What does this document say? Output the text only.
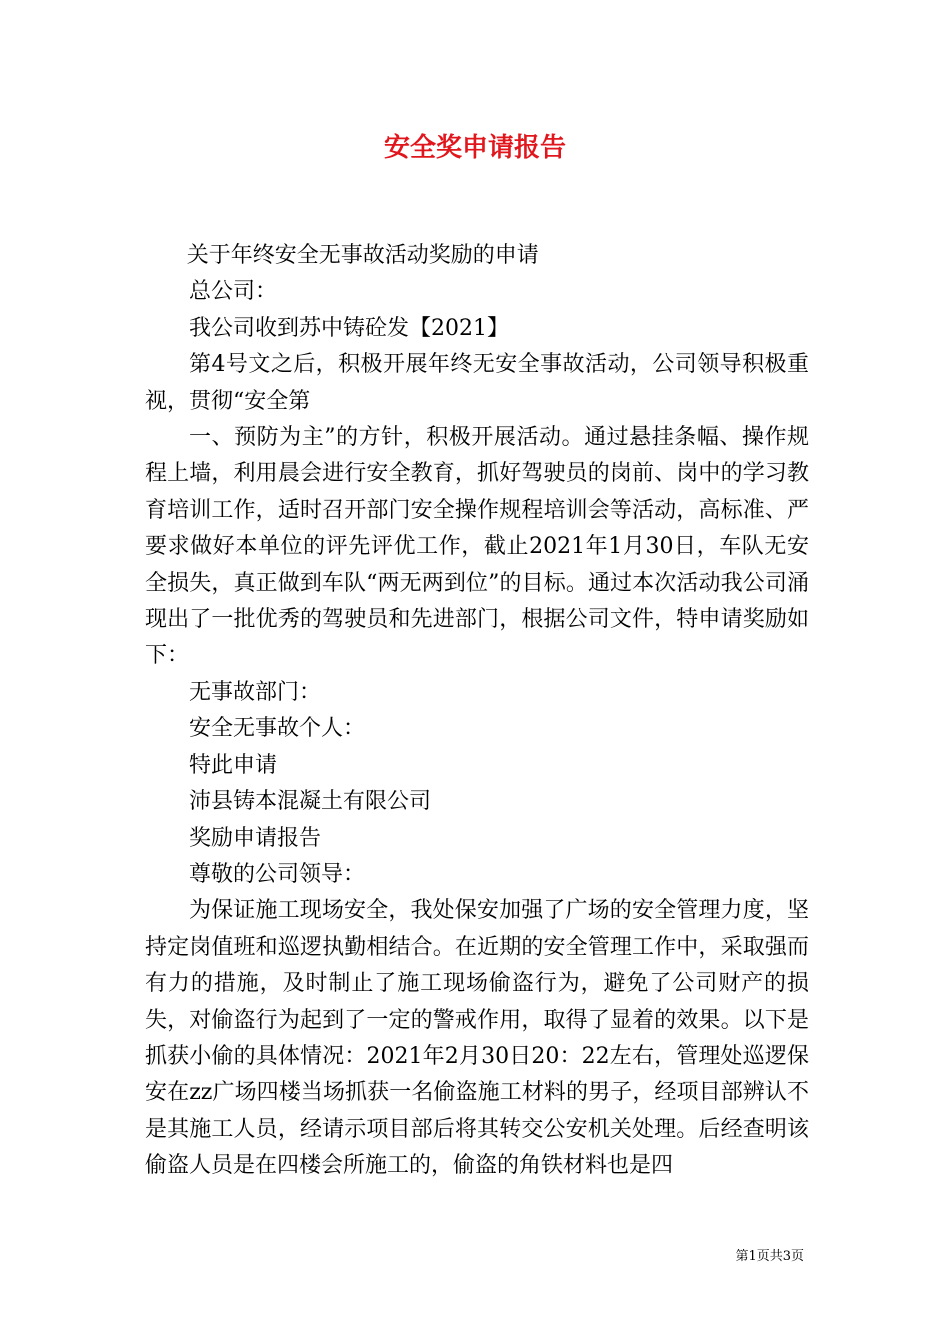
安全奖申请报告

关于年终安全无事故活动奖励的申请

总公司：

我公司收到苏中铸砼发【2021】

第4号文之后，积极开展年终无安全事故活动，公司领导积极重视，贯彻“安全第

一、预防为主”的方针，积极开展活动。通过悬挂条幅、操作规程上墙，利用晨会进行安全教育，抓好驾驶员的岗前、岗中的学习教育培训工作，适时召开部门安全操作规程培训会等活动，高标准、严要求做好本单位的评先评优工作，截止2021年1月30日，车队无安全损失，真正做到车队“两无两到位”的目标。通过本次活动我公司涌现出了一批优秀的驾驶员和先进部门，根据公司文件，特申请奖励如下：

无事故部门：

安全无事故个人：

特此申请

沛县铸本混凝土有限公司

奖励申请报告

尊敬的公司领导：

为保证施工现场安全，我处保安加强了广场的安全管理力度，坚持定岗值班和巡逻执勤相结合。在近期的安全管理工作中，采取强而有力的措施，及时制止了施工现场偷盗行为，避免了公司财产的损失，对偷盗行为起到了一定的警戒作用，取得了显着的效果。以下是抓获小偷的具体情况：2021年2月30日20：22左右，管理处巡逻保安在zz广场四楼当场抓获一名偷盗施工材料的男子，经项目部辨认不是其施工人员，经请示项目部后将其转交公安机关处理。后经查明该偷盗人员是在四楼会所施工的，偷盗的角铁材料也是四

第1页共3页
